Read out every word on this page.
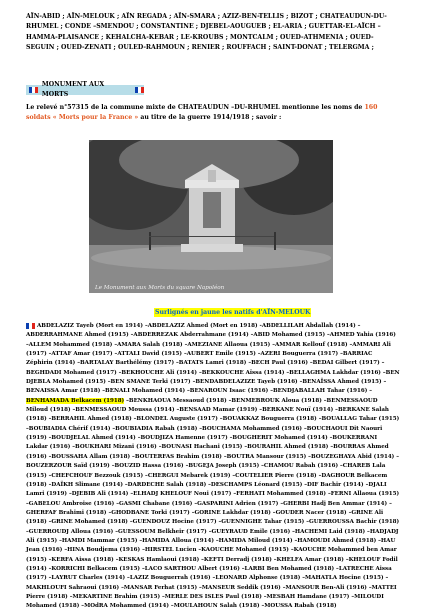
AÏN-ABID ; AÏN-MELOUK ; AÏN REGADA ; AÏN-SMARA ; AZIZ-BEN-TELLIS ; BIZOT ; CHATEAUDUN-DU-RHUMEL ; CONDE –SMENDOU ; CONSTANTINE ; DJEBEL-AOUGUEB ; EL-ARIA ; GUETTAR-EL-AÏCH – HAMMA-PLAISANCE ; KEHALCHA-KEBAR ; LE-KROUBS ; MONTCALM ; OUED-ATHMENIA ; OUED-SEGUIN ; OUED-ZENATI ; OULED-RAHMOUN ; RENIER ; ROUFFACH ; SAINT-DONAT ; TELERGMA ;
MONUMENT AUX MORTS
Le relevé n°57315 de la commune mixte de CHATEAUDUN –DU-RHUMEL mentionne les noms de 160 soldats « Morts pour la France » au titre de la guerre 1914/1918 ; savoir :
Le Monument aux Morts du square Napoléon
Surlignés en jaune les natifs d'AÏN-MELOUK
ABDELAZIZ Tayeb (Mort en 1914) –ABDELAZIZ Ahmed (Mort en 1918) -ABDELLILAH Abdallah (1914) –ABDERRAHMANE Ahmed (1915) –ABDERREZAK Abderrahmane (1914) –ABID Mohamed (1915) –AHMED Yahia (1916) –ALLEM Mohammed (1918) –AMARA Salah (1918) –AMEZIANE Allaoua (1915) –AMMAR Kellouf (1918) –AMMARI Ali (1917) –ATTAF Amar (1917) –ATTALI David (1915) –AUBERT Emile (1915) –AZERI Bouguerra (1917) –BARRIAC Zéphirin (1914) –BARTALAY Barthélémy (1917) –BATATS Lamri (1918) –BECH Paul (1916) –BEDAI Gilbert (1917) –BEGHDADI Mohamed (1917) –BEKHOUCHE Ali (1914) –BEKKOUCHE Aïssa (1914) –BELLAGHMA Lakhdar (1916) –BEN DJEBLA Mohamed (1915) –BEN SMANE Terki (1917) –BENDABDELAZIZE Tayeb (1916) –BENAÏSSA Ahmed (1915) –BENAISSA Amar (1918) –BENALI Mohamed (1914) –BENAROUN Isaac (1916) –BENDJABALLAH Tahar (1916) –BENHAMADA Belkacem (1918) –BENKHAOUA Messaoud (1918) –BENMEBROUK Aloua (1918) –BENMESSAOUD Miloud (1918) –BENMESSAOUD Moussa (1914) –BENSAAD Mamar (1919) –BERKANE Nouï (1914) –BERKANE Salah (1918) –BERRAHIL Ahmed (1918) –BLONDEL Auguste (1917) –BOUAKKAZ Bouguerra (1918) –BOUALLAG Tahar (1915) –BOUBIADIA Chérif (1914) –BOUBIADIA Rabah (1918) –BOUCHAMA Mohammed (1916) –BOUCHAOUI Dit Naouri (1919) –BOUDJELAL Ahmed (1914) –BOUDJIZA Hamenne (1917) –BOUGHERIT Mohamed (1914) –BOUKERRANI Lakdar (1916) –BOUKHARI Mizani (1916) –BOUNASI Hachani (1915) –BOURAHIL Ahmed (1918) –BOURRAS Ahmed (1916) –BOUSSAHA Allam (1918) –BOUTERFAS Brahim (1918) –BOUTRA Mansour (1915) –BOUZEGHAYA Abid (1914) –BOUZERZOUR Saïd (1919) –BOUZID Hassa (1916) –BUGEJA Joseph (1915) –CHAMOU Rabah (1916) –CHAREB Lala (1915) –CHEFCHOUF Bezzouk (1915) –CHERGUI Mebarek (1919) –COUTELIER Pierre (1918) –DAGHOUR Belkacem (1918) –DAÏKH Slimane (1914) –DARDECHE Salah (1918) –DESCHAMPS Léonard (1915) –DIF Bachir (1914) –DJALI Lamri (1919) –DJEBIB Ali (1914) –ELHADJ KHELOUF Noui (1917) –FERHATI Mohammed (1918) –FERNI Allaoua (1915) –GABELOU Ambroise (1916) –GASMI Chabane (1916) –GASPARINI Adrien (1917) –GHERBI Hadj Ben Ammar (1914) –GHERFAF Brahimi (1918) –GHODBANE Torki (1917) –GORINE Lakhdar (1918) –GOUDER Nacer (1918) –GRINE Ali (1918) –GRINE Mohamed (1918) –GUENDOUZ Hocine (1917) –GUENNIGHE Tahar (1915) –GUERROUSSA Bachir (1918) –GUERROUDJ Alloua (1916) –GUESSOUM Belkheir (1917) –GUEYRAUD Emile (1916) –HACHEMI Laid (1918) –HADJADJ Ali (1915) –HAMDI Mammar (1915) –HAMIDA Alloua (1914) –HAMIDA Miloud (1914) –HAMOUDI Ahmed (1918) –HAU Jean (1916) –HINA Boudjema (1916) –HIRSTEL Lucien –KAOUCHE Mohamed (1915) –KAOUCHE Mohammed ben Amar (1915) –KERFA Aissa (1918) –KESKAS Hamlaoui (1918) –KEFTI Derradj (1918) –KHELFA Amar (1918) –KHELOUF Fodil (1914) –KORRICHI Belkacem (1915) –LACO SARTHOU Albert (1916) –LARBI Ben Mohamed (1918) –LATRECHE Aissa (1917) –LAYRUT Charles (1914) –LAZIZ Bouguerrah (1916) –LEONARD Alphonse (1918) –MAHATLA Hocine (1915) –MAKHLOUFI Sahraoui (1916) –MANSAR Ferhat (1915) –MANSEUR Seddik (1916) –MANSOUR Ben-Ali (1916) –MATTEI Pierre (1918) –MEKARTINE Brahim (1915) –MERLE DES ISLES Paul (1918) –MESBAH Hamdane (1917) –MILOUDI Mohamed (1918) –MOdRA Mohammed (1914) –MOULAHOUN Salah (1918) –MOUSSA Rabah (1918)
